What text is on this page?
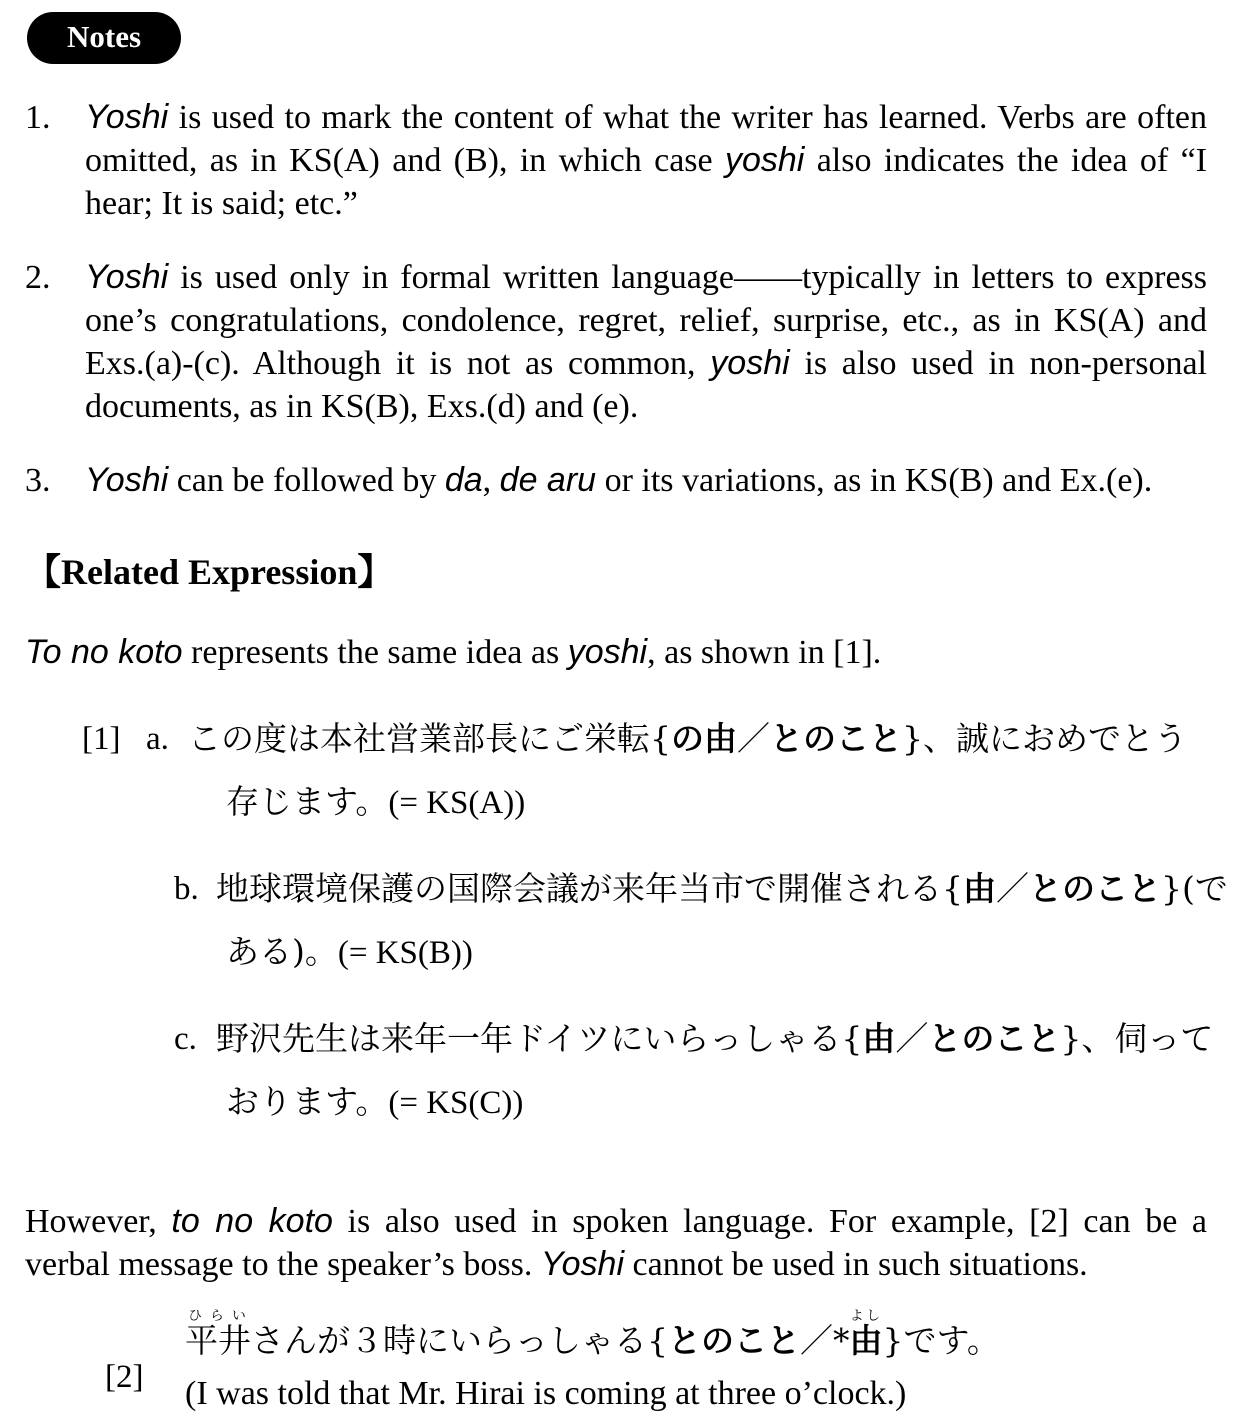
Notes
1.	Yoshi is used to mark the content of what the writer has learned. Verbs are often omitted, as in KS(A) and (B), in which case yoshi also indicates the idea of “I hear; It is said; etc.”
2.	Yoshi is used only in formal written language——typically in letters to express one’s congratulations, condolence, regret, relief, surprise, etc., as in KS(A) and Exs.(a)-(c). Although it is not as common, yoshi is also used in non-personal documents, as in KS(B), Exs.(d) and (e).
3.	Yoshi can be followed by da, de aru or its variations, as in KS(B) and Ex.(e).
【Related Expression】
To no koto represents the same idea as yoshi, as shown in [1].
[1] a. この度は本社営業部長にご栄転{の由／とのこと}、誠におめでとう
存じます。(= KS(A))
b. 地球環境保護の国際会議が来年当市で開催される{由／とのこと}(で
ある)。(= KS(B))
c. 野沢先生は来年一年ドイツにいらっしゃる{由／とのこと}、伺って
おります。(= KS(C))
However, to no koto is also used in spoken language. For example, [2] can be a verbal message to the speaker’s boss. Yoshi cannot be used in such situations.
[2]
平井ひらいさんが３時にいらっしゃる{とのこと／*由よし}です。
(I was told that Mr. Hirai is coming at three o’clock.)
